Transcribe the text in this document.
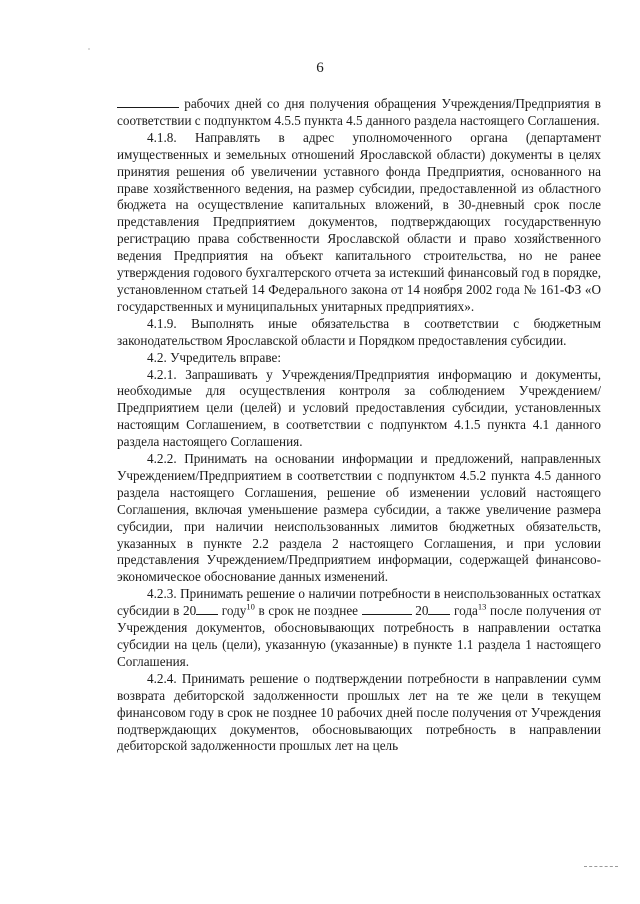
6

рабочих дней со дня получения обращения Учреждения/Предприятия в соответствии с подпунктом 4.5.5 пункта 4.5 данного раздела настоящего Соглашения.

4.1.8. Направлять в адрес уполномоченного органа (департамент имущественных и земельных отношений Ярославской области) документы в целях принятия решения об увеличении уставного фонда Предприятия, основанного на праве хозяйственного ведения, на размер субсидии, предоставленной из областного бюджета на осуществление капитальных вложений, в 30-дневный срок после представления Предприятием документов, подтверждающих государственную регистрацию права собственности Ярославской области и право хозяйственного ведения Предприятия на объект капитального строительства, но не ранее утверждения годового бухгалтерского отчета за истекший финансовый год в порядке, установленном статьей 14 Федерального закона от 14 ноября 2002 года № 161-ФЗ «О государственных и муниципальных унитарных предприятиях».

4.1.9. Выполнять иные обязательства в соответствии с бюджетным законодательством Ярославской области и Порядком предоставления субсидии.

4.2. Учредитель вправе:

4.2.1. Запрашивать у Учреждения/Предприятия информацию и документы, необходимые для осуществления контроля за соблюдением Учреждением/Предприятием цели (целей) и условий предоставления субсидии, установленных настоящим Соглашением, в соответствии с подпунктом 4.1.5 пункта 4.1 данного раздела настоящего Соглашения.

4.2.2. Принимать на основании информации и предложений, направленных Учреждением/Предприятием в соответствии с подпунктом 4.5.2 пункта 4.5 данного раздела настоящего Соглашения, решение об изменении условий настоящего Соглашения, включая уменьшение размера субсидии, а также увеличение размера субсидии, при наличии неиспользованных лимитов бюджетных обязательств, указанных в пункте 2.2 раздела 2 настоящего Соглашения, и при условии представления Учреждением/Предприятием информации, содержащей финансово-экономическое обоснование данных изменений.

4.2.3. Принимать решение о наличии потребности в неиспользованных остатках субсидии в 20 году$^{10}$ в срок не позднее	20 года$^{13}$ после получения от Учреждения документов, обосновывающих потребность в направлении остатка субсидии на цель (цели), указанную (указанные) в пункте 1.1 раздела 1 настоящего Соглашения.

4.2.4. Принимать решение о подтверждении потребности в направлении сумм возврата дебиторской задолженности прошлых лет на те же цели в текущем финансовом году в срок не позднее 10 рабочих дней после получения от Учреждения подтверждающих документов, обосновывающих потребность в направлении дебиторской задолженности прошлых лет на цель
